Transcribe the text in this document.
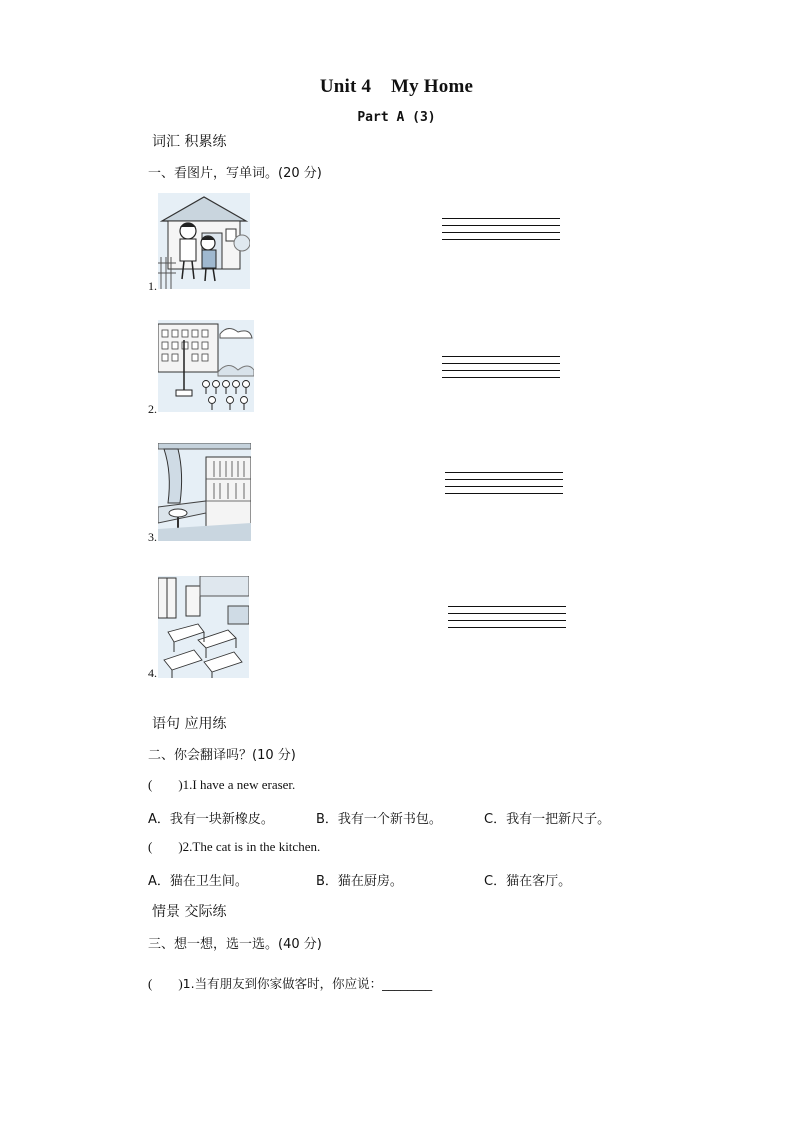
Unit 4 My Home
Part A (3)
词汇 积累练
一、看图片，写单词。(20 分)
1.
2.
3.
4.
语句 应用练
二、你会翻译吗？(10 分)
(        )1.I have a new eraser.
A．我有一块新橡皮。	B．我有一个新书包。	C．我有一把新尺子。
(        )2.The cat is in the kitchen.
A．猫在卫生间。	B．猫在厨房。	C．猫在客厅。
情景 交际练
三、想一想，选一选。(40 分)
(        )1.当有朋友到你家做客时，你应说：________
